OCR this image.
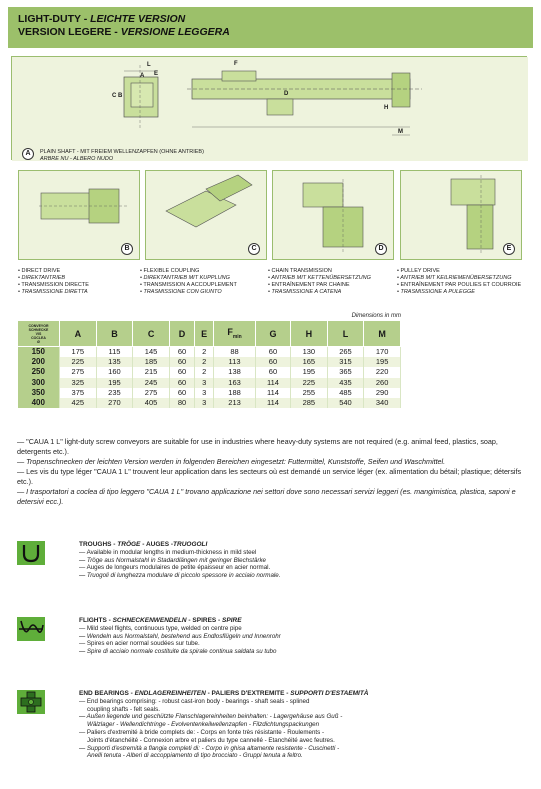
LIGHT-DUTY - LEICHTE VERSION
VERSION LEGERE - VERSIONE LEGGERA
L
E
A
C B
F
D
H
M
A	PLAIN SHAFT - MIT FREIEM WELLENZAPFEN (OHNE ANTRIEB)
ARBRE NU - ALBERO NUDO
B	C	D	E
• DIRECT DRIVE
• DIREKTANTRIEB
• TRANSMISSION DIRECTE
• TRASMISSIONE DIRETTA
• FLEXIBLE COUPLING
• DIREKTANTRIEB MIT KUPPLUNG
• TRANSMISSION A ACCOUPLEMENT
• TRASMISSIONE CON GIUNTO
• CHAIN TRANSMISSION
• ANTRIEB MIT KETTENÜBERSETZUNG
• ENTRAÎNEMENT PAR CHAINE
• TRASMISSIONE A CATENA
• PULLEY DRIVE
• ANTRIEB MIT KEILRIEMENÜBERSETZUNG
• ENTRAÎNEMENT PAR POULIES ET COURROIE
• TRASMISSIONE A PULEGGE
Dimensions in mm
CONVEYOR
SCHNECKE
VIS
COCLEA
Ø	A	B	C	D	E	$F_{min}$	G	H	L	M
150	175	115	145	60	2	88	60	130	265	170
200	225	135	185	60	2	113	60	165	315	195
250	275	160	215	60	2	138	60	195	365	220
300	325	195	245	60	3	163	114	225	435	260
350	375	235	275	60	3	188	114	255	485	290
400	425	270	405	80	3	213	114	285	540	340

— "CAUA 1 L" light-duty screw conveyors are suitable for use in industries where heavy-duty systems are not required (e.g. animal feed, plastics, soap, detergents etc.).

— Tropenschnecken der leichten Version werden in folgenden Bereichen eingesetzt: Futtermittel, Kunststoffe, Seifen und Waschmittel.

— Les vis du type léger "CAUA 1 L" trouvent leur application dans les secteurs où est demandé un service léger (ex. alimentation du bétail; plastique; détersifs etc.).

— I trasportatori a coclea di tipo leggero "CAUA 1 L" trovano applicazione nei settori dove sono necessari servizi leggeri (es. mangimistica, plastica, saponi e detersivi ecc.).

TROUGHS - TRÖGE - AUGES -TRUOGOLI

— Available in modular lengths in medium-thickness in mild steel

— Tröge aus Normalstahl in Stadardlängen mit geringer Blechstärke

— Auges de longeurs modulaires de petite épaisseur en acier normal.

— Truogoli di lunghezza modulare di piccolo spessore in acciaio normale.

FLIGHTS - SCHNECKENWENDELN - SPIRES - SPIRE

— Mild steel flights, continuous type, welded on centre pipe

— Wendeln aus Normalstahl, bestehend aus Endlosflügeln und Innenrohr

— Spires en acier normal soudées sur tube.

— Spire di acciaio normale costituite da spirale continua saldata su tubo

END BEARINGS - ENDLAGEREINHEITEN - PALIERS D'EXTREMITE - SUPPORTI D'ESTAEMITÀ

— End bearings comprising: - robust cast-iron body - bearings - shaft seals - splined

coupling shafts - felt seals.

— Außen liegende und geschützte Flanschlagereinheiten beinhalten: - Lagergehäuse aus Guß -

Wälzlager - Wellendichtringe - Evolventenkeilwellenzapfen - Filzdichtungspackungen

— Paliers d'extremité à bride complets de: - Corps en fonte très résistante - Roulements -

Joints d'étanchéité - Connexion arbre et paliers du type cannellé - Etanchéité avec feutres.

— Supporti d'estremità a flangia completi di: - Corpo in ghisa altamente resistente - Cuscinetti -

Anelli tenuta - Alberi di accoppiamento di tipo brocciato - Gruppi tenuta a feltro.
